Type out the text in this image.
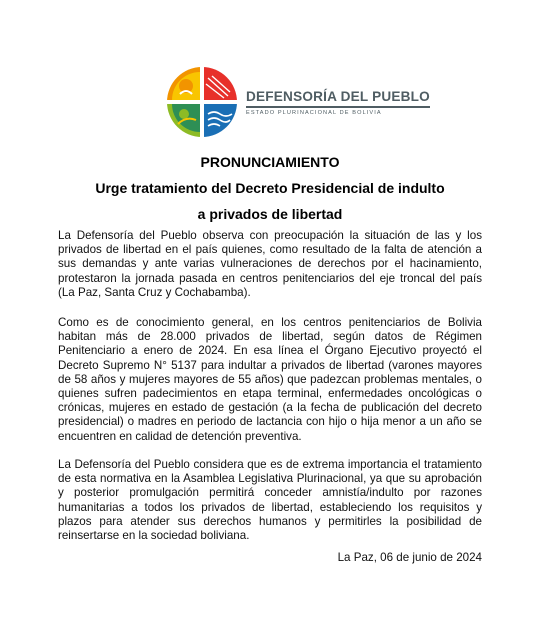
DEFENSORÍA DEL PUEBLO
ESTADO PLURINACIONAL DE BOLIVIA
PRONUNCIAMIENTO
Urge tratamiento del Decreto Presidencial de indulto
a privados de libertad

La Defensoría del Pueblo observa con preocupación la situación de las y los privados de libertad en el país quienes, como resultado de la falta de atención a sus demandas y ante varias vulneraciones de derechos por el hacinamiento, protestaron la jornada pasada en centros penitenciarios del eje troncal del país (La Paz, Santa Cruz y Cochabamba).

Como es de conocimiento general, en los centros penitenciarios de Bolivia habitan más de 28.000 privados de libertad, según datos de Régimen Penitenciario a enero de 2024. En esa línea el Órgano Ejecutivo proyectó el Decreto Supremo N° 5137 para indultar a privados de libertad (varones mayores de 58 años y mujeres mayores de 55 años) que padezcan problemas mentales, o quienes sufren padecimientos en etapa terminal, enfermedades oncológicas o crónicas, mujeres en estado de gestación (a la fecha de publicación del decreto presidencial) o madres en periodo de lactancia con hijo o hija menor a un año se encuentren en calidad de detención preventiva.

La Defensoría del Pueblo considera que es de extrema importancia el tratamiento de esta normativa en la Asamblea Legislativa Plurinacional, ya que su aprobación y posterior promulgación permitirá conceder amnistía/indulto por razones humanitarias a todos los privados de libertad, estableciendo los requisitos y plazos para atender sus derechos humanos y permitirles la posibilidad de reinsertarse en la sociedad boliviana.

La Paz, 06 de junio de 2024
